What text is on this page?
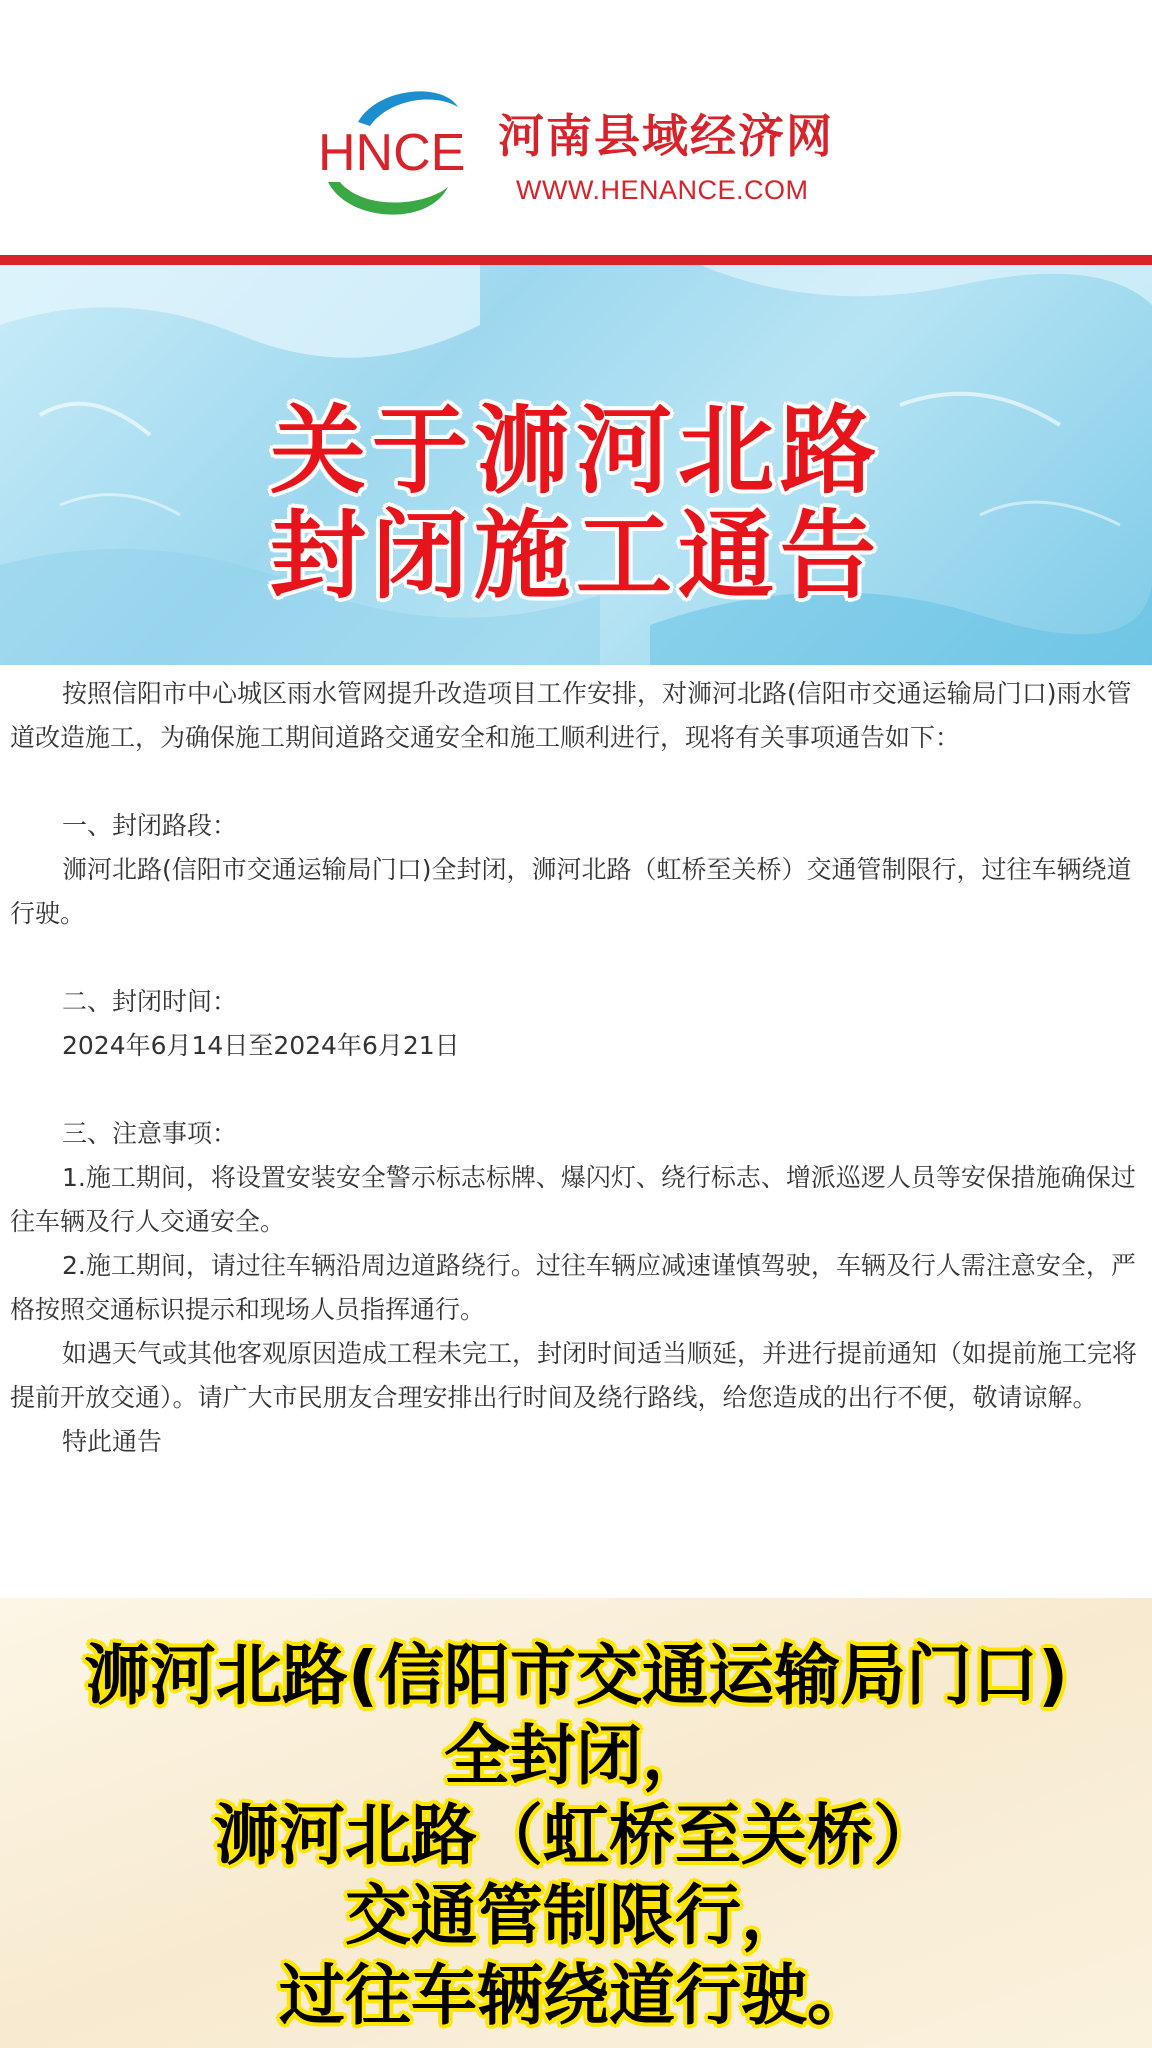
HNCE 河南县域经济网
WWW.HENANCE.COM
关于浉河北路
封闭施工通告

按照信阳市中心城区雨水管网提升改造项目工作安排，对浉河北路(信阳市交通运输局门口)雨水管道改造施工，为确保施工期间道路交通安全和施工顺利进行，现将有关事项通告如下：

一、封闭路段：

浉河北路(信阳市交通运输局门口)全封闭，浉河北路（虹桥至关桥）交通管制限行，过往车辆绕道行驶。

二、封闭时间：

2024年6月14日至2024年6月21日

三、注意事项：

1.施工期间，将设置安装安全警示标志标牌、爆闪灯、绕行标志、增派巡逻人员等安保措施确保过往车辆及行人交通安全。

2.施工期间，请过往车辆沿周边道路绕行。过往车辆应减速谨慎驾驶，车辆及行人需注意安全，严格按照交通标识提示和现场人员指挥通行。

如遇天气或其他客观原因造成工程未完工，封闭时间适当顺延，并进行提前通知（如提前施工完将提前开放交通）。请广大市民朋友合理安排出行时间及绕行路线，给您造成的出行不便，敬请谅解。

特此通告

浉河北路(信阳市交通运输局门口)
全封闭，
浉河北路（虹桥至关桥）
交通管制限行，
过往车辆绕道行驶。
